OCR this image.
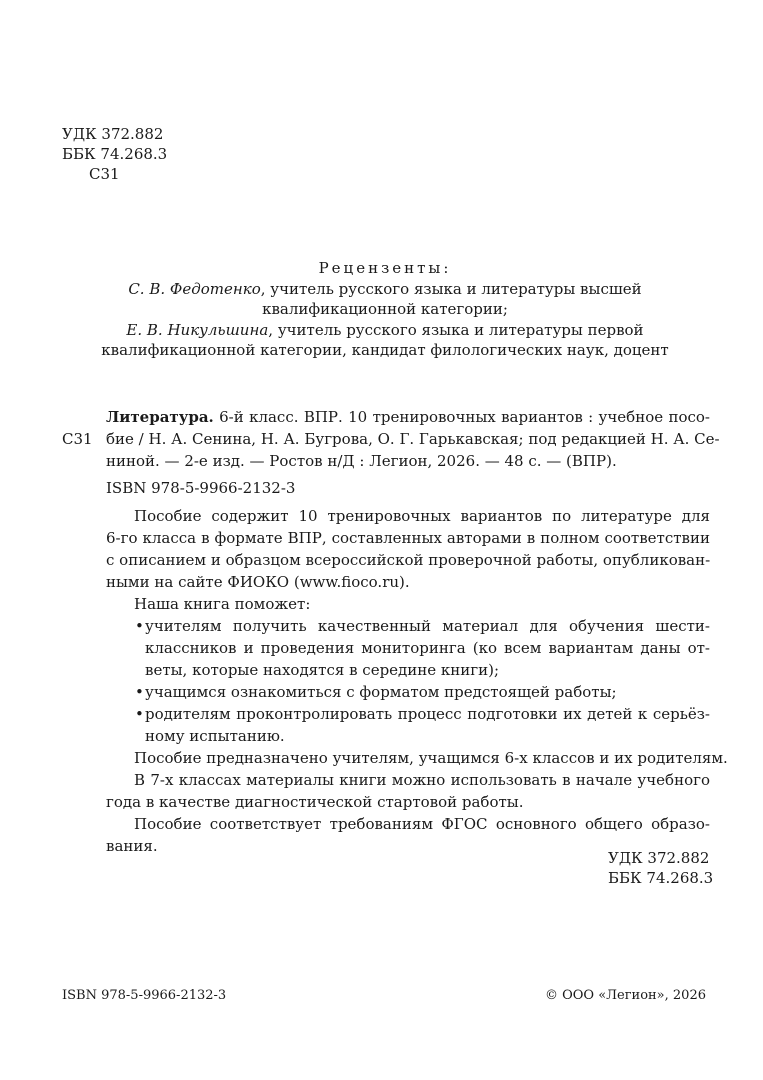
УДК 372.882
ББК 74.268.3
С31
Рецензенты:
С. В. Федотенко, учитель русского языка и литературы высшей
квалификационной категории;
Е. В. Никульшина, учитель русского языка и литературы первой
квалификационной категории, кандидат филологических наук, доцент
С31
Литература. 6-й класс. ВПР. 10 тренировочных вариантов : учебное посо-
бие / Н. А. Сенина, Н. А. Бугрова, О. Г. Гарькавская; под редакцией Н. А. Се-
ниной. — 2-е изд. — Ростов н/Д : Легион, 2026. — 48 с. — (ВПР).
ISBN 978-5-9966-2132-3
Пособие содержит 10 тренировочных вариантов по литературе для
6-го класса в формате ВПР, составленных авторами в полном соответствии
с описанием и образцом всероссийской проверочной работы, опубликован-
ными на сайте ФИОКО (www.fioco.ru).
Наша книга поможет:
• учителям получить качественный материал для обучения шести-
классников и проведения мониторинга (ко всем вариантам даны от-
веты, которые находятся в середине книги);
• учащимся ознакомиться с форматом предстоящей работы;
• родителям проконтролировать процесс подготовки их детей к серьёз-
ному испытанию.
Пособие предназначено учителям, учащимся 6-х классов и их родителям.
В 7-х классах материалы книги можно использовать в начале учебного
года в качестве диагностической стартовой работы.
Пособие соответствует требованиям ФГОС основного общего образо-
вания.
УДК 372.882
ББК 74.268.3
ISBN 978-5-9966-2132-3	© ООО «Легион», 2026
